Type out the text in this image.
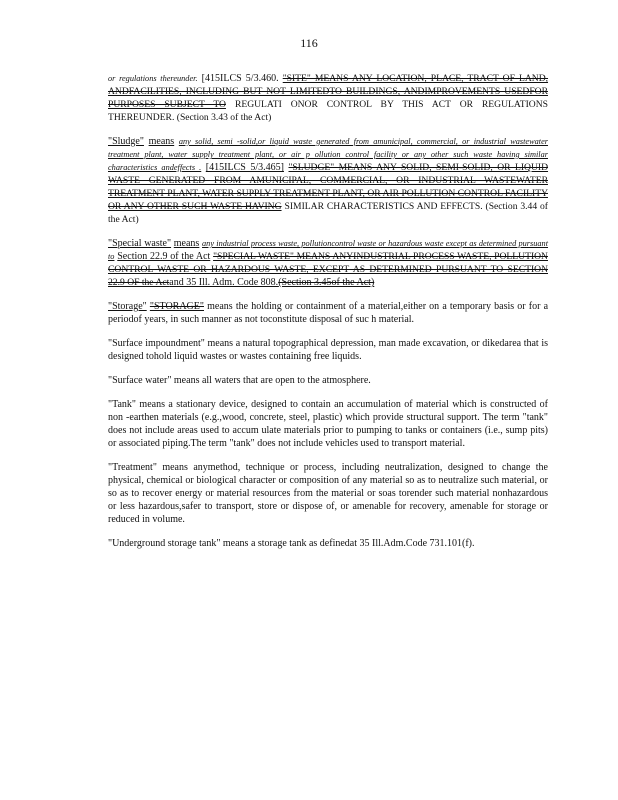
116

or regulations thereunder. [415ILCS 5/3.460. "SITE" MEANS ANY LOCATION, PLACE, TRACT OF LAND, ANDFACILITIES, INCLUDING BUT NOT LIMITEDTO BUILDINGS, ANDIMPROVEMENTS USEDFOR PURPOSES SUBJECT TO REGULATI ONOR CONTROL BY THIS ACT OR REGULATIONS THEREUNDER. (Section 3.43 of the Act)

"Sludge" means any solid, semi -solid,or liquid waste generated from amunicipal, commercial, or industrial wastewater treatment plant, water supply treatment plant, or air p ollution control facility or any other such waste having similar characteristics andeffects . [415ILCS 5/3.465] "SLUDGE" MEANS ANY SOLID, SEMI-SOLID, OR LIQUID WASTE GENERATED FROM AMUNICIPAL, COMMERCIAL, OR INDUSTRIAL WASTEWATER TREATMENT PLANT, WATER SUPPLY TREATMENT PLANT, OR AIR POLLUTION CONTROL FACILITY OR ANY OTHER SUCH WASTE HAVING SIMILAR CHARACTERISTICS AND EFFECTS. (Section 3.44 of the Act)

"Special waste" means any industrial process waste, pollutioncontrol waste or hazardous waste except as determined pursuant to Section 22.9 of the Act "SPECIAL WASTE" MEANS ANYINDUSTRIAL PROCESS WASTE, POLLUTION CONTROL WASTE OR HAZARDOUS WASTE, EXCEPT AS DETERMINED PURSUANT TO SECTION 22.9 OF the Actand 35 Ill. Adm. Code 808.(Section 3.45of the Act)

"Storage" "STORAGE" means the holding or containment of a material,either on a temporary basis or for a periodof years, in such manner as not toconstitute disposal of suc h material.

"Surface impoundment" means a natural topographical depression, man made excavation, or dikedarea that is designed tohold liquid wastes or wastes containing free liquids.

"Surface water" means all waters that are open to the atmosphere.

"Tank" means a stationary device, designed to contain an accumulation of material which is constructed of non -earthen materials (e.g.,wood, concrete, steel, plastic) which provide structural support. The term "tank" does not include areas used to accum ulate materials prior to pumping to tanks or containers (i.e., sump pits) or associated piping.The term "tank" does not include vehicles used to transport material.

"Treatment" means anymethod, technique or process, including neutralization, designed to change the physical, chemical or biological character or composition of any material so as to neutralize such material, or so as to recover energy or material resources from the material or soas torender such material nonhazardous or less hazardous,safer to transport, store or dispose of, or amenable for recovery, amenable for storage or reduced in volume.

"Underground storage tank" means a storage tank as definedat 35 Ill.Adm.Code 731.101(f).
